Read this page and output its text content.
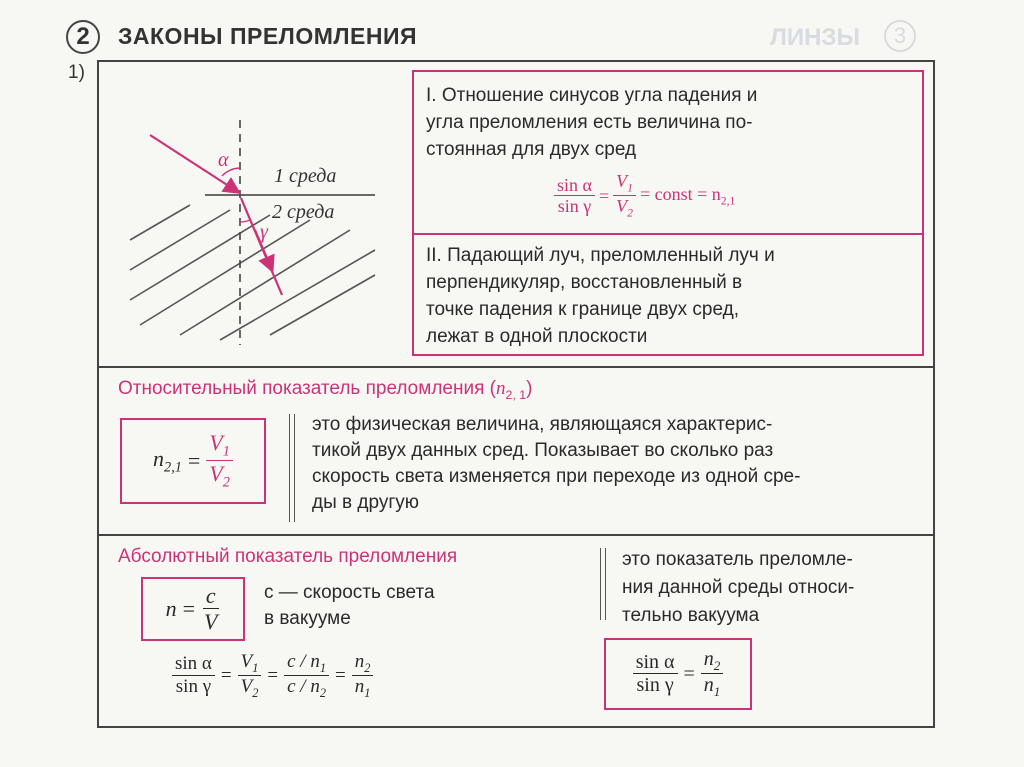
ЛИНЗЫ	3
2	ЗАКОНЫ ПРЕЛОМЛЕНИЯ
1)
α
γ
1 среда
2 среда
I. Отношение синусов угла падения и
угла преломления есть величина по-
стоянная для двух сред
$\frac{\text{sin α}}{\text{sin γ}} = \frac{V_1}{V_2}$ = const = $n_{2,1}$
II. Падающий луч, преломленный луч и
перпендикуляр, восстановленный в
точке падения к границе двух сред,
лежат в одной плоскости
Относительный показатель преломления $(n_{2, 1})$
$n_{2,1} = \frac{V_1}{V_2}$
это физическая величина, являющаяся характерис-
тикой двух данных сред. Показывает во сколько раз
скорость света изменяется при переходе из одной сре-
ды в другую
Абсолютный показатель преломления
$n = \frac{c}{V}$ c — скорость света
в вакууме
это показатель преломле-
ния данной среды относи-
тельно вакуума
$\frac{\text{sin α}}{\text{sin γ}} = \frac{V_1}{V_2} = \frac{c / n_1}{c / n_2} = \frac{n_2}{n_1}$	$\frac{\text{sin α}}{\text{sin γ}} = \frac{n_2}{n_1}$
